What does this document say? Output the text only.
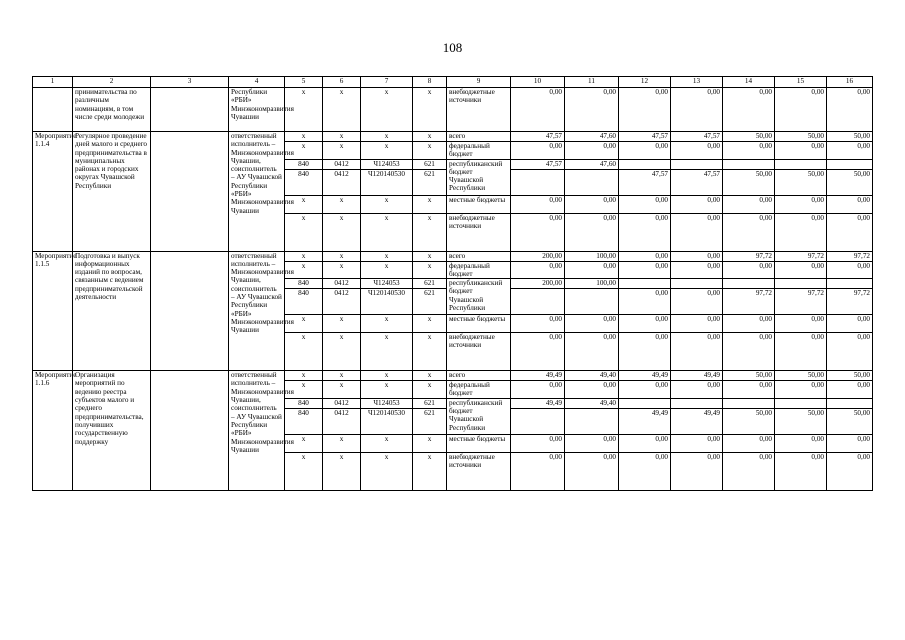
108
1	2	3	4	5	6	7	8	9	10	11	12	13	14	15	16
	принимательства по различным номинациям, в том числе среди молодежи		Республики «РБИ» Минэкономразвития Чувашии	x	x	x	x	внебюджетные источники	0,00	0,00	0,00	0,00	0,00	0,00	0,00
Мероприятие 1.1.4	Регулярное проведение дней малого и среднего предпринимательства в муниципальных районах и городских округах Чувашской Республики		ответственный исполнитель – Минэкономразвития Чувашии, соисполнитель – АУ Чувашской Республики «РБИ» Минэкономразвития Чувашии	x	x	x	x	всего	47,57	47,60	47,57	47,57	50,00	50,00	50,00
				x	x	x	x	федеральный бюджет	0,00	0,00	0,00	0,00	0,00	0,00	0,00
				840	0412	Ч124053	621	республиканский бюджет Чувашской Республики	47,57	47,60					
				840	0412	Ч120140530	621				47,57	47,57	50,00	50,00	50,00
				x	x	x	x	местные бюджеты	0,00	0,00	0,00	0,00	0,00	0,00	0,00
				x	x	x	x	внебюджетные источники	0,00	0,00	0,00	0,00	0,00	0,00	0,00
Мероприятие 1.1.5	Подготовка и выпуск информационных изданий по вопросам, связанным с ведением предпринимательской деятельности		ответственный исполнитель – Минэкономразвития Чувашии, соисполнитель – АУ Чувашской Республики «РБИ» Минэкономразвития Чувашии	x	x	x	x	всего	200,00	100,00	0,00	0,00	97,72	97,72	97,72
				x	x	x	x	федеральный бюджет	0,00	0,00	0,00	0,00	0,00	0,00	0,00
				840	0412	Ч124053	621	республиканский бюджет Чувашской Республики	200,00	100,00					
				840	0412	Ч120140530	621				0,00	0,00	97,72	97,72	97,72
				x	x	x	x	местные бюджеты	0,00	0,00	0,00	0,00	0,00	0,00	0,00
				x	x	x	x	внебюджетные источники	0,00	0,00	0,00	0,00	0,00	0,00	0,00
Мероприятие 1.1.6	Организация мероприятий по ведению реестра субъектов малого и среднего предпринимательства, получивших государственную поддержку		ответственный исполнитель – Минэкономразвития Чувашии, соисполнитель – АУ Чувашской Республики «РБИ» Минэкономразвития Чувашии	x	x	x	x	всего	49,49	49,40	49,49	49,49	50,00	50,00	50,00
				x	x	x	x	федеральный бюджет	0,00	0,00	0,00	0,00	0,00	0,00	0,00
				840	0412	Ч124053	621	республиканский бюджет Чувашской Республики	49,49	49,40					
				840	0412	Ч120140530	621				49,49	49,49	50,00	50,00	50,00
				x	x	x	x	местные бюджеты	0,00	0,00	0,00	0,00	0,00	0,00	0,00
				x	x	x	x	внебюджетные источники	0,00	0,00	0,00	0,00	0,00	0,00	0,00
